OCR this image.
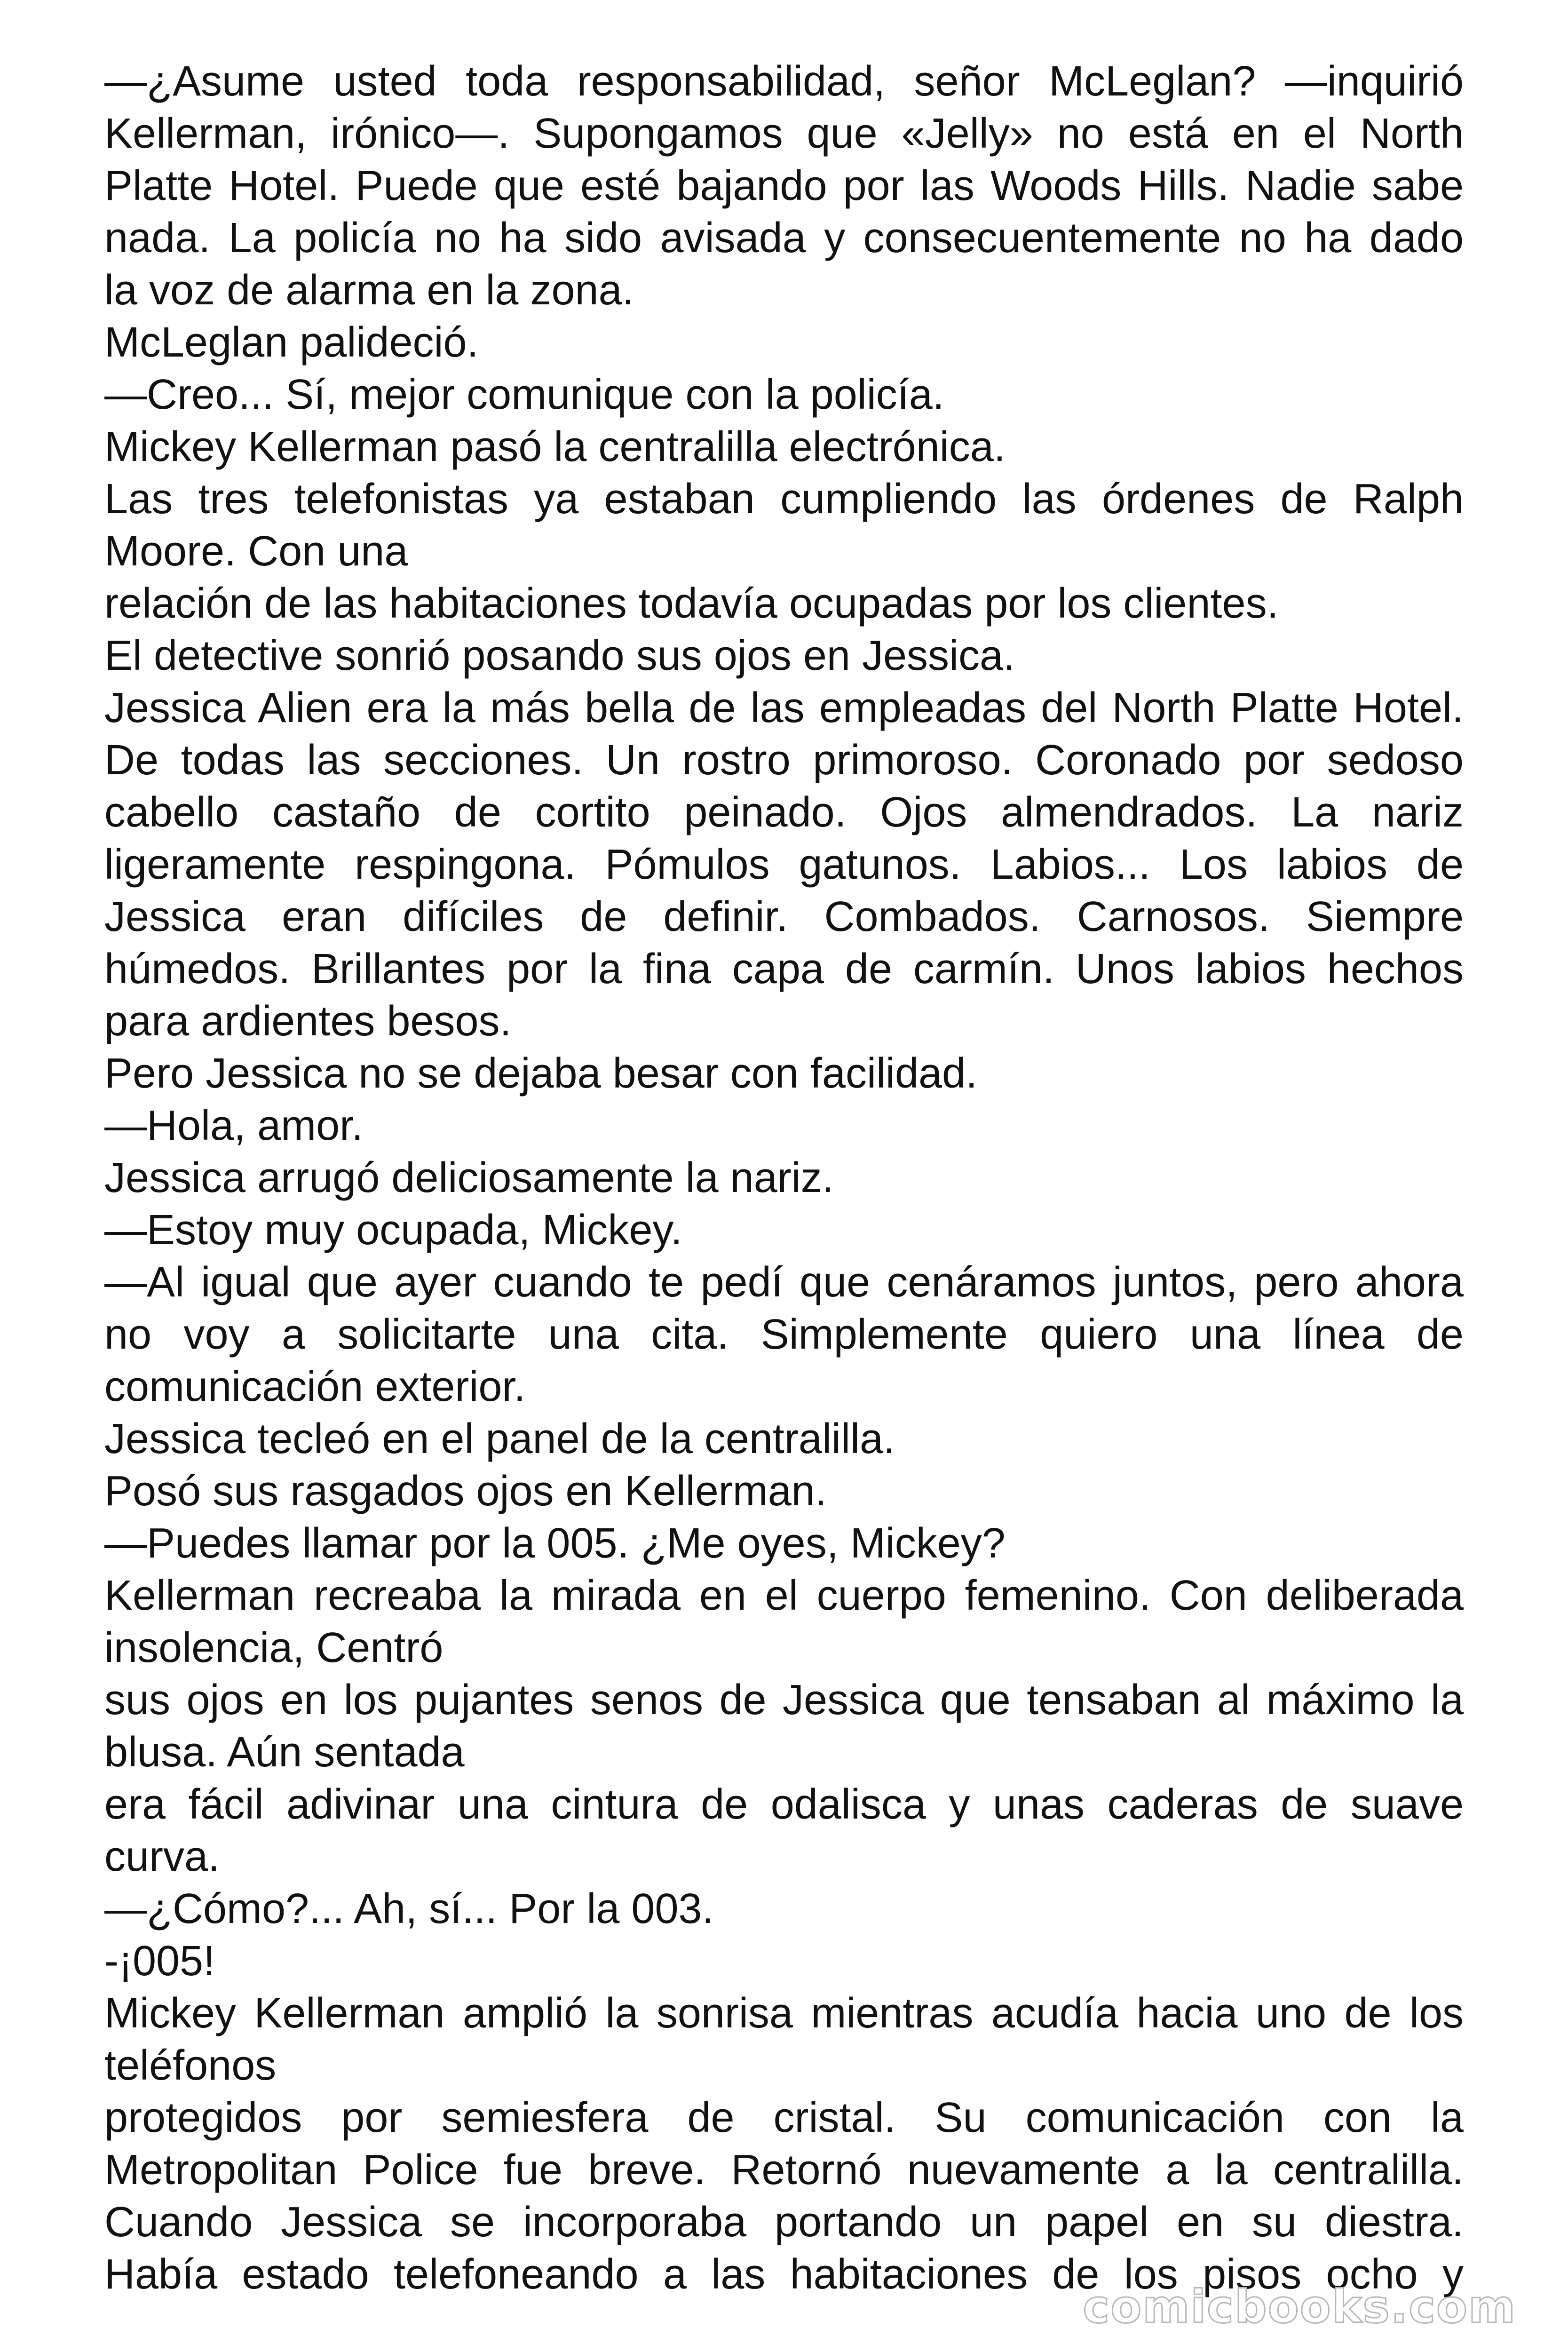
—¿Asume usted toda responsabilidad, señor McLeglan? —inquirió
Kellerman, irónico—. Supongamos que «Jelly» no está en el North
Platte Hotel. Puede que esté bajando por las Woods Hills. Nadie sabe
nada. La policía no ha sido avisada y consecuentemente no ha dado
la voz de alarma en la zona.
McLeglan palideció.
—Creo... Sí, mejor comunique con la policía.
Mickey Kellerman pasó la centralilla electrónica.
Las tres telefonistas ya estaban cumpliendo las órdenes de Ralph
Moore. Con una
relación de las habitaciones todavía ocupadas por los clientes.
El detective sonrió posando sus ojos en Jessica.
Jessica Alien era la más bella de las empleadas del North Platte Hotel.
De todas las secciones. Un rostro primoroso. Coronado por sedoso
cabello castaño de cortito peinado. Ojos almendrados. La nariz
ligeramente respingona. Pómulos gatunos. Labios... Los labios de
Jessica eran difíciles de definir. Combados. Carnosos. Siempre
húmedos. Brillantes por la fina capa de carmín. Unos labios hechos
para ardientes besos.
Pero Jessica no se dejaba besar con facilidad.
—Hola, amor.
Jessica arrugó deliciosamente la nariz.
—Estoy muy ocupada, Mickey.
—Al igual que ayer cuando te pedí que cenáramos juntos, pero ahora
no voy a solicitarte una cita. Simplemente quiero una línea de
comunicación exterior.
Jessica tecleó en el panel de la centralilla.
Posó sus rasgados ojos en Kellerman.
—Puedes llamar por la 005. ¿Me oyes, Mickey?
Kellerman recreaba la mirada en el cuerpo femenino. Con deliberada
insolencia, Centró
sus ojos en los pujantes senos de Jessica que tensaban al máximo la
blusa. Aún sentada
era fácil adivinar una cintura de odalisca y unas caderas de suave
curva.
—¿Cómo?... Ah, sí... Por la 003.
-¡005!
Mickey Kellerman amplió la sonrisa mientras acudía hacia uno de los
teléfonos
protegidos por semiesfera de cristal. Su comunicación con la
Metropolitan Police fue breve. Retornó nuevamente a la centralilla.
Cuando Jessica se incorporaba portando un papel en su diestra.
Había estado telefoneando a las habitaciones de los pisos ocho y
comicbooks.com
